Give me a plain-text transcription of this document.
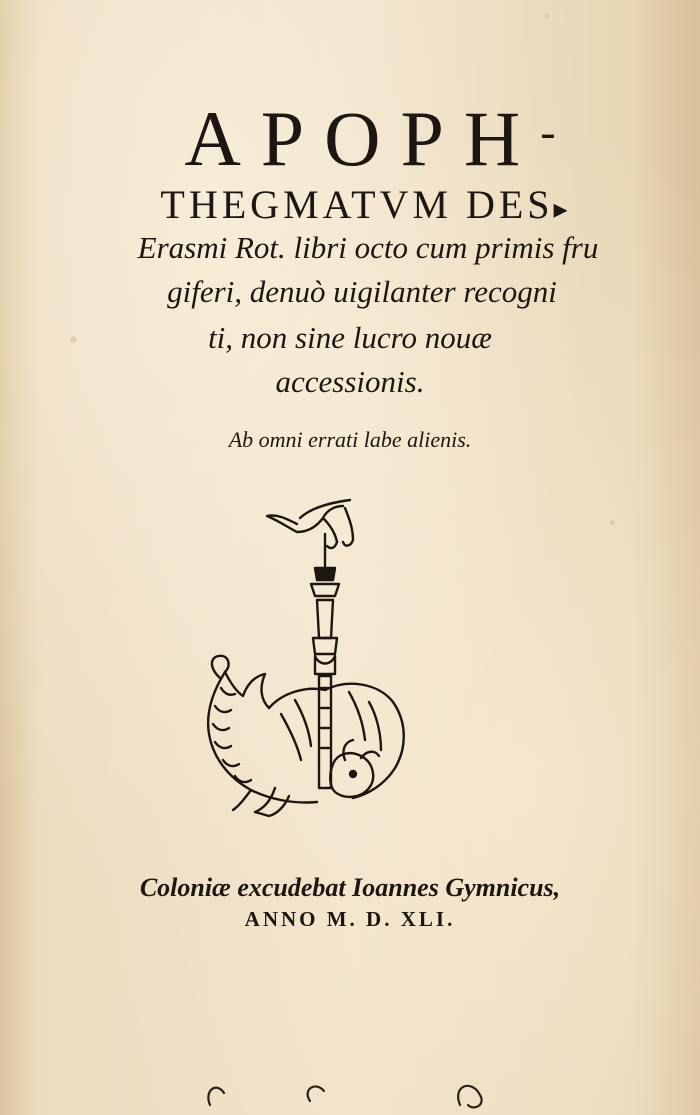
APOPH-
THEGMATVM DES▸
Erasmi Rot. libri octo cum primis fru
giferi, denuò uigilanter recogni
ti, non sine lucro nouæ
accessionis.
Ab omni errati labe alienis.
Coloniæ excudebat Ioannes Gymnicus,
ANNO M. D. XLI.
